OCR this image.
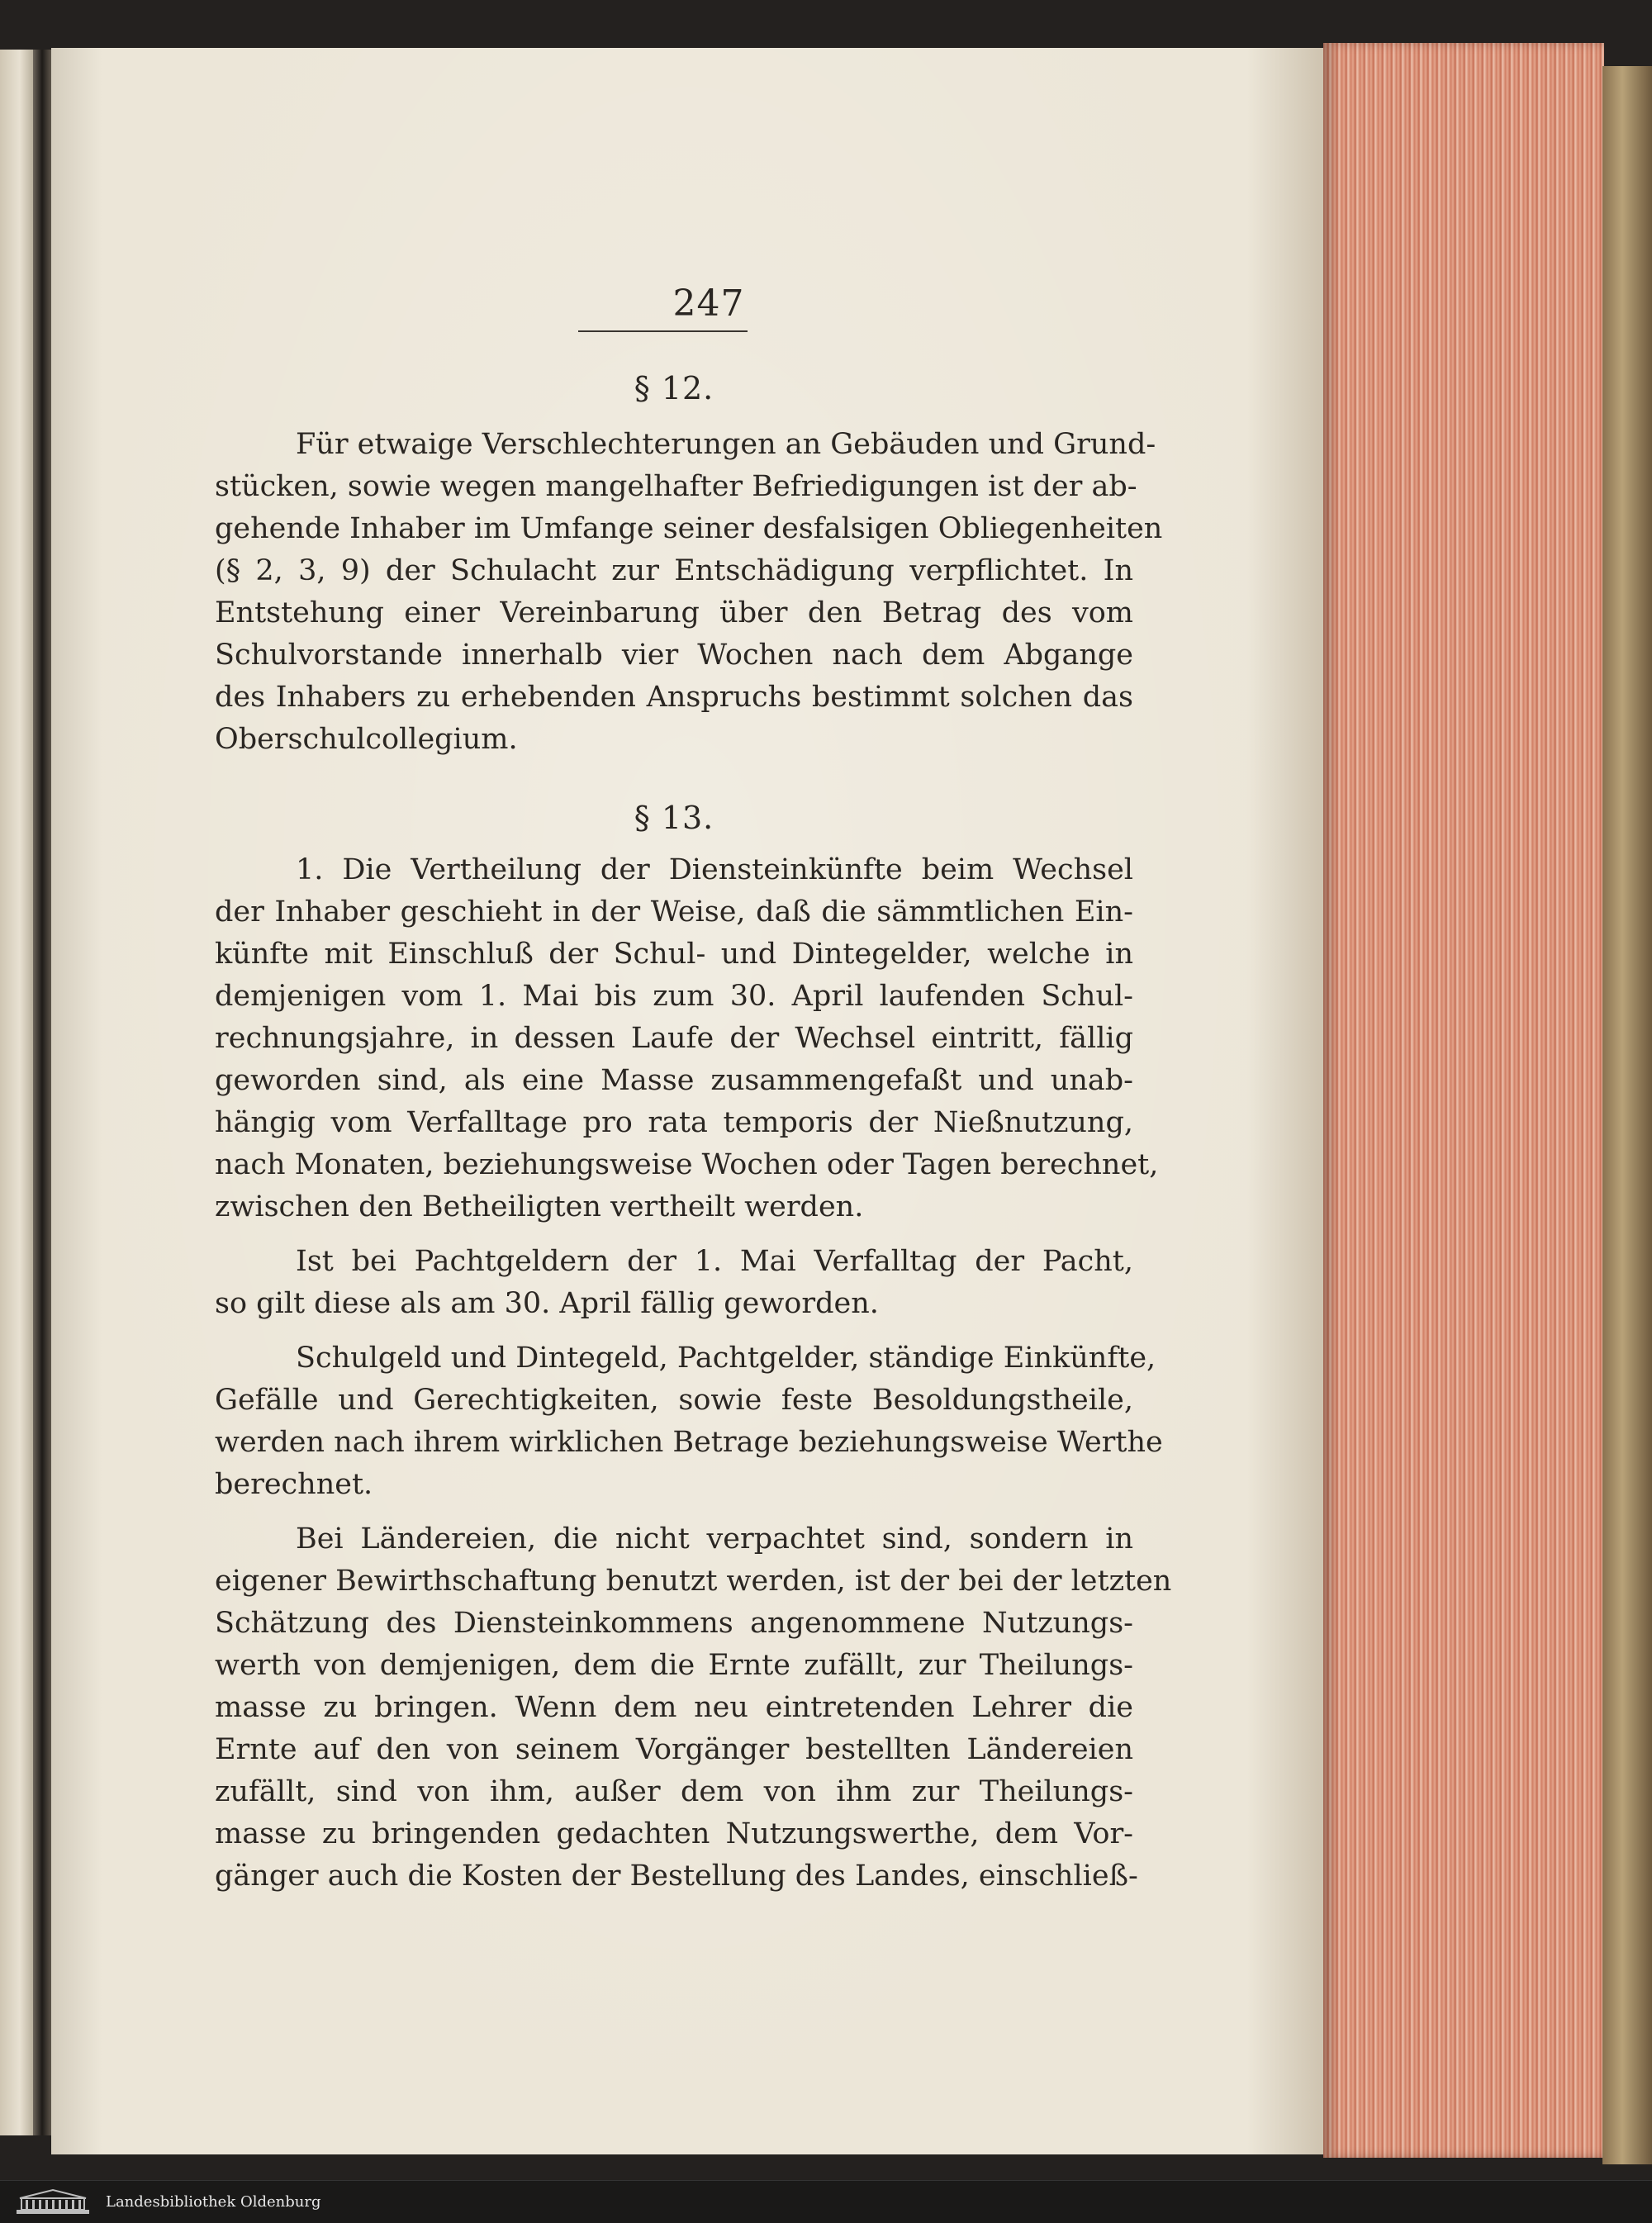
247
§ 12.
Für etwaige Verschlechterungen an Gebäuden und Grund-
stücken, sowie wegen mangelhafter Befriedigungen ist der ab-
gehende Inhaber im Umfange seiner desfalsigen Obliegenheiten
(§ 2, 3, 9) der Schulacht zur Entschädigung verpflichtet. In
Entstehung einer Vereinbarung über den Betrag des vom
Schulvorstande innerhalb vier Wochen nach dem Abgange
des Inhabers zu erhebenden Anspruchs bestimmt solchen das
Oberschulcollegium.
§ 13.
1. Die Vertheilung der Diensteinkünfte beim Wechsel
der Inhaber geschieht in der Weise, daß die sämmtlichen Ein-
künfte mit Einschluß der Schul- und Dintegelder, welche in
demjenigen vom 1. Mai bis zum 30. April laufenden Schul-
rechnungsjahre, in dessen Laufe der Wechsel eintritt, fällig
geworden sind, als eine Masse zusammengefaßt und unab-
hängig vom Verfalltage pro rata temporis der Nießnutzung,
nach Monaten, beziehungsweise Wochen oder Tagen berechnet,
zwischen den Betheiligten vertheilt werden.
Ist bei Pachtgeldern der 1. Mai Verfalltag der Pacht,
so gilt diese als am 30. April fällig geworden.
Schulgeld und Dintegeld, Pachtgelder, ständige Einkünfte,
Gefälle und Gerechtigkeiten, sowie feste Besoldungstheile,
werden nach ihrem wirklichen Betrage beziehungsweise Werthe
berechnet.
Bei Ländereien, die nicht verpachtet sind, sondern in
eigener Bewirthschaftung benutzt werden, ist der bei der letzten
Schätzung des Diensteinkommens angenommene Nutzungs-
werth von demjenigen, dem die Ernte zufällt, zur Theilungs-
masse zu bringen. Wenn dem neu eintretenden Lehrer die
Ernte auf den von seinem Vorgänger bestellten Ländereien
zufällt, sind von ihm, außer dem von ihm zur Theilungs-
masse zu bringenden gedachten Nutzungswerthe, dem Vor-
gänger auch die Kosten der Bestellung des Landes, einschließ-
Landesbibliothek Oldenburg
